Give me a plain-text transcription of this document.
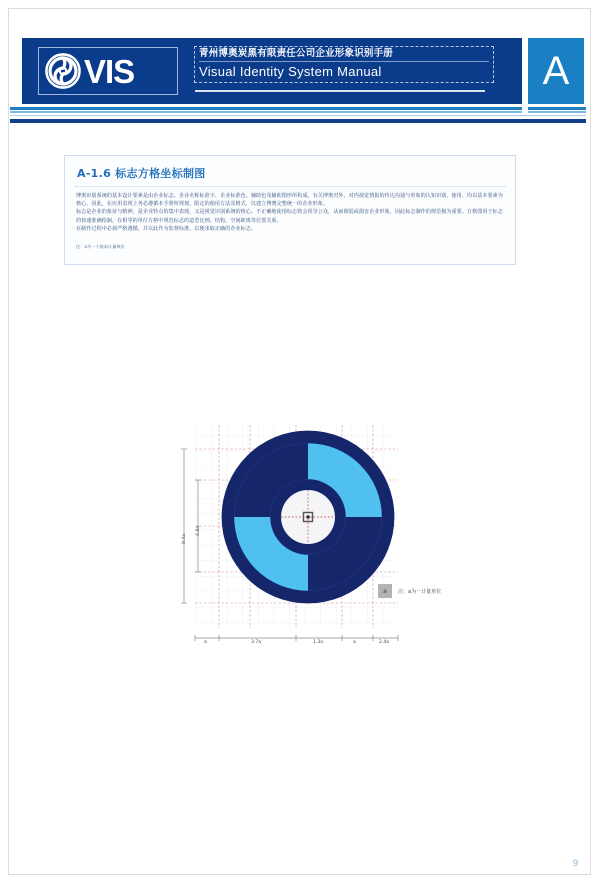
VIS	青州博奥炭黑有限责任公司企业形象识别手册
Visual Identity System Manual	A
A-1.6 标志方格坐标制图

博奥识别系统的基本设计要素是由企业标志、企业名称标准字、企业标准色、辅助色及辅助图形所构成。有关博奥对外、对内视觉情报的传达沟通与形象的认知识别、使用、均以基本要素为核心。因此，在应用表现上务必遵循本手册所规划、限定的使用方法及格式，以建立博奥完整统一的企业形象。

标志是企业的象征与精神，是企业特点的集中表现，又是视觉识别系统的核心。不正确地使用标志将会误导公众，从而削弱或损害企业形象，因此标志制作的规范极为重要。方格图用于标志的快速准确绘制，在相等的单位方格中规范标志的造型比例、结构、空间距离等位置关系。

在制作过程中必须严格遵循，并以此作为监督标准，以便求取正确的企业标志。

注：a为一个基本计量单位
9.4a
4.6a
a	3.7a	1.3a	a	2.4a
a	注：a为一计量单位
9
